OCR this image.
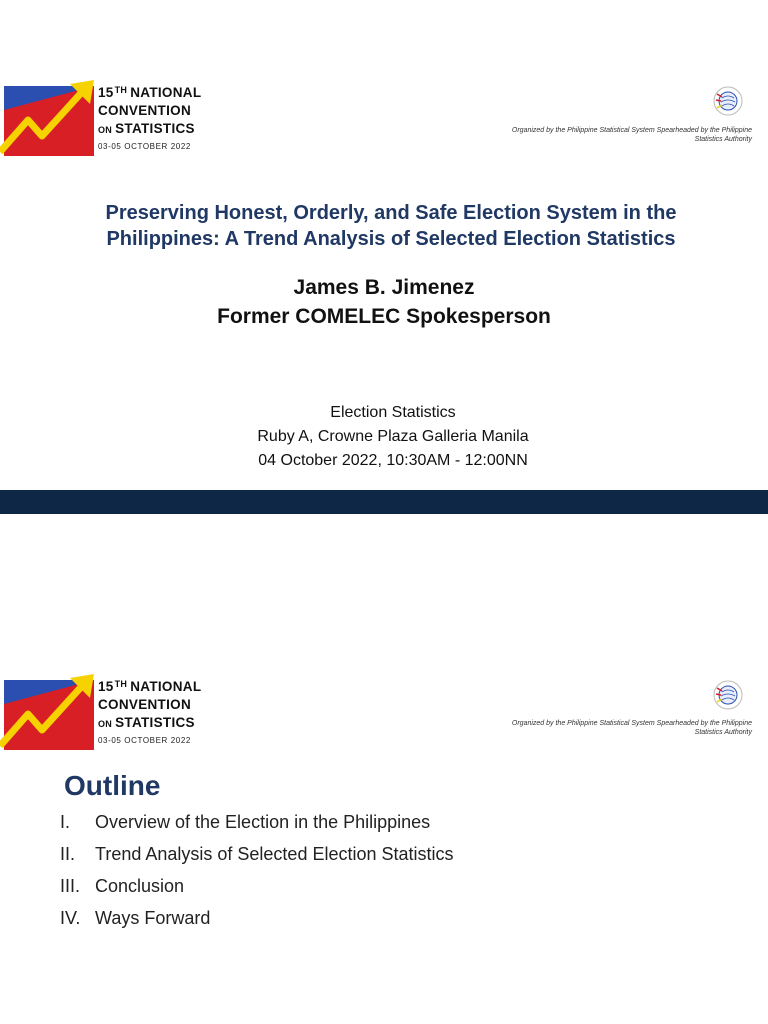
15TH NATIONAL
CONVENTION
ON STATISTICS
03-05 OCTOBER 2022
Organized by the Philippine Statistical System Spearheaded by the Philippine Statistics Authority
Preserving Honest, Orderly, and Safe Election System in the
Philippines: A Trend Analysis of Selected Election Statistics
James B. Jimenez
Former COMELEC Spokesperson
Election Statistics
Ruby A, Crowne Plaza Galleria Manila
04 October 2022, 10:30AM - 12:00NN
15TH NATIONAL
CONVENTION
ON STATISTICS
03-05 OCTOBER 2022
Organized by the Philippine Statistical System Spearheaded by the Philippine Statistics Authority
Outline
I. Overview of the Election in the Philippines
II. Trend Analysis of Selected Election Statistics
III. Conclusion
IV. Ways Forward
